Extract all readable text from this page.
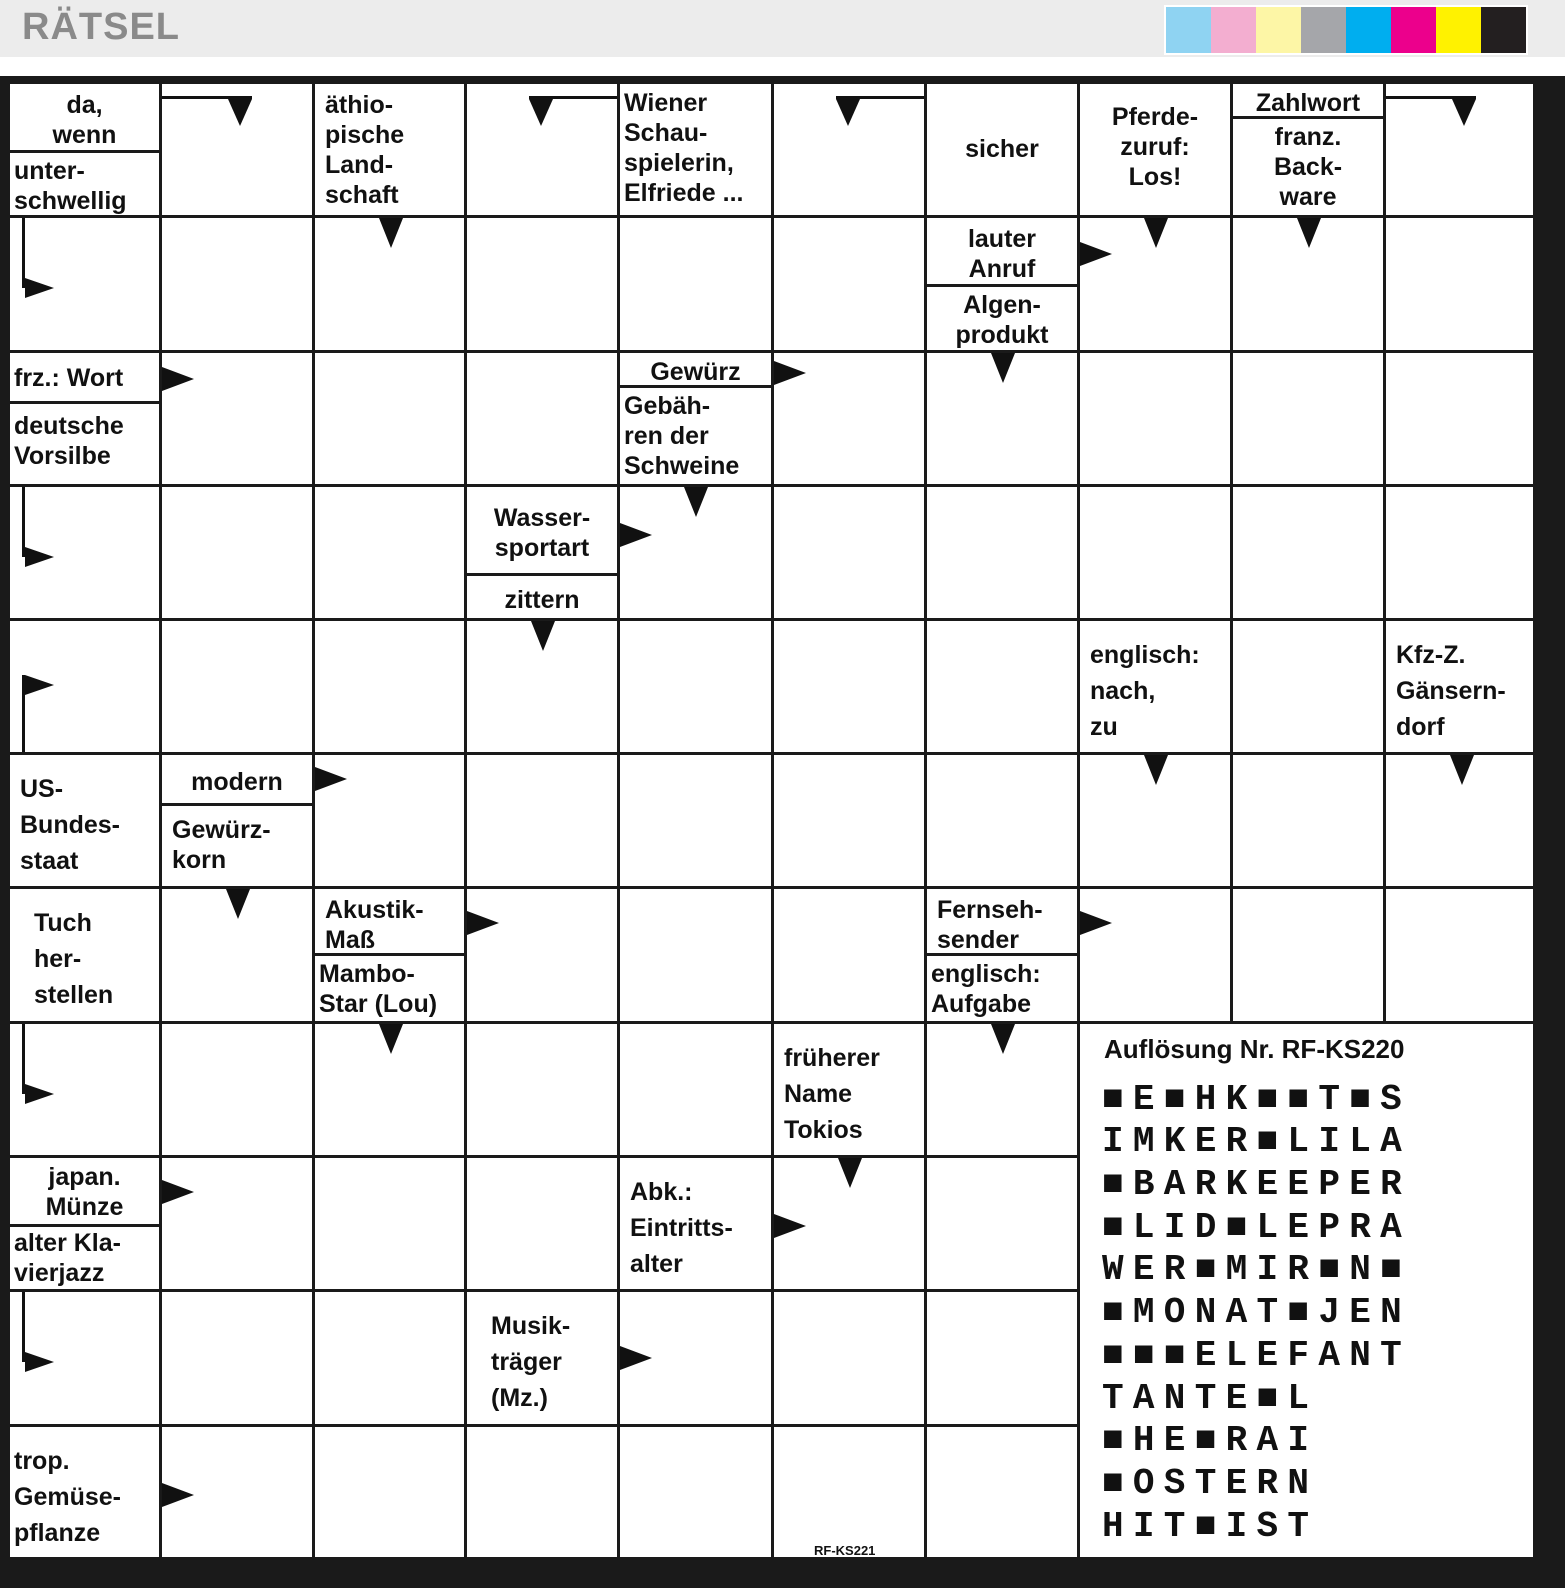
RÄTSEL
da,
wenn
unter-
schwellig
äthio-
pische
Land-
schaft
Wiener
Schau-
spielerin,
Elfriede ...
sicher
Pferde-
zuruf:
Los!
Zahlwort
franz.
Back-
ware
lauter
Anruf
Algen-
produkt
frz.: Wort
deutsche
Vorsilbe
Gewürz
Gebäh-
ren der
Schweine
Wasser-
sportart
zittern
englisch:
nach,
zu
Kfz-Z.
Gänsern-
dorf
US-
Bundes-
staat
modern
Gewürz-
korn
Tuch
her-
stellen
Akustik-
Maß
Mambo-
Star (Lou)
Fernseh-
sender
englisch:
Aufgabe
früherer
Name
Tokios
japan.
Münze
alter Kla-
vierjazz
Abk.:
Eintritts-
alter
Musik-
träger
(Mz.)
trop.
Gemüse-
pflanze
Auflösung Nr. RF-KS220
■E■HK■■T■S
IMKER■LILA
■BARKEEPER
■LID■LEPRA
WER■MIR■N■
■MONAT■JEN
■■■ELEFANT
TANTE■L
■HE■RAI
■OSTERN
HIT■IST
RF-KS221
